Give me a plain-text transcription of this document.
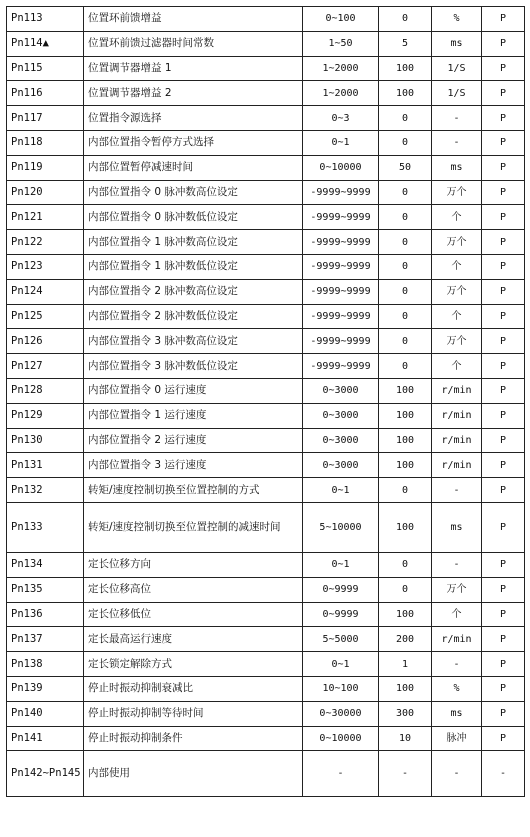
Pn113	位置环前馈增益	0~100	0	%	P
Pn114▲	位置环前馈过滤器时间常数	1~50	5	ms	P
Pn115	位置调节器增益 1	1~2000	100	1/S	P
Pn116	位置调节器增益 2	1~2000	100	1/S	P
Pn117	位置指令源选择	0~3	0	-	P
Pn118	内部位置指令暂停方式选择	0~1	0	-	P
Pn119	内部位置暂停减速时间	0~10000	50	ms	P
Pn120	内部位置指令 0 脉冲数高位设定	-9999~9999	0	万个	P
Pn121	内部位置指令 0 脉冲数低位设定	-9999~9999	0	个	P
Pn122	内部位置指令 1 脉冲数高位设定	-9999~9999	0	万个	P
Pn123	内部位置指令 1 脉冲数低位设定	-9999~9999	0	个	P
Pn124	内部位置指令 2 脉冲数高位设定	-9999~9999	0	万个	P
Pn125	内部位置指令 2 脉冲数低位设定	-9999~9999	0	个	P
Pn126	内部位置指令 3 脉冲数高位设定	-9999~9999	0	万个	P
Pn127	内部位置指令 3 脉冲数低位设定	-9999~9999	0	个	P
Pn128	内部位置指令 0 运行速度	0~3000	100	r/min	P
Pn129	内部位置指令 1 运行速度	0~3000	100	r/min	P
Pn130	内部位置指令 2 运行速度	0~3000	100	r/min	P
Pn131	内部位置指令 3 运行速度	0~3000	100	r/min	P
Pn132	转矩/速度控制切换至位置控制的方式	0~1	0	-	P
Pn133	转矩/速度控制切换至位置控制的减速时间	5~10000	100	ms	P
Pn134	定长位移方向	0~1	0	-	P
Pn135	定长位移高位	0~9999	0	万个	P
Pn136	定长位移低位	0~9999	100	个	P
Pn137	定长最高运行速度	5~5000	200	r/min	P
Pn138	定长锁定解除方式	0~1	1	-	P
Pn139	停止时振动抑制衰减比	10~100	100	%	P
Pn140	停止时振动抑制等待时间	0~30000	300	ms	P
Pn141	停止时振动抑制条件	0~10000	10	脉冲	P
Pn142~Pn145	内部使用	-	-	-	-
